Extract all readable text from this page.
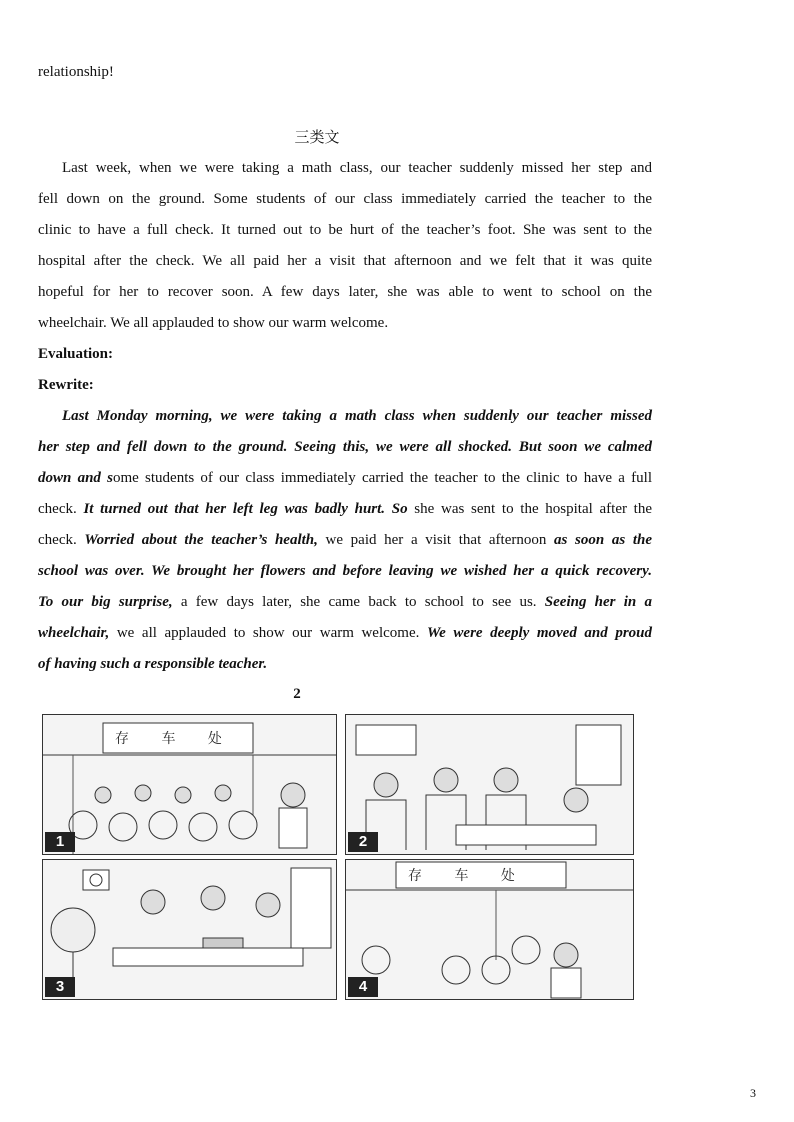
relationship!
三类文
Last week, when we were taking a math class, our teacher suddenly missed her step and
fell down on the ground. Some students of our class immediately carried the teacher to the
clinic to have a full check. It turned out to be hurt of the teacher’s foot. She was sent to the
hospital after the check. We all paid her a visit that afternoon and we felt that it was quite
hopeful for her to recover soon. A few days later, she was able to went to school on the
wheelchair. We all applauded to show our warm welcome.
Evaluation:
Rewrite:
Last Monday morning, we were taking a math class when suddenly our teacher missed
her step and fell down to the ground. Seeing this, we were all shocked. But soon we calmed
down and some students of our class immediately carried the teacher to the clinic to have a full
check. It turned out that her left leg was badly hurt. So she was sent to the hospital after the
check. Worried about the teacher’s health, we paid her a visit that afternoon as soon as the
school was over. We brought her flowers and before leaving we wished her a quick recovery.
To our big surprise, a few days later, she came back to school to see us. Seeing her in a
wheelchair, we all applauded to show our warm welcome. We were deeply moved and proud
of having such a responsible teacher.
2
存 车 处
1	2
3
存 车 处
4
3
